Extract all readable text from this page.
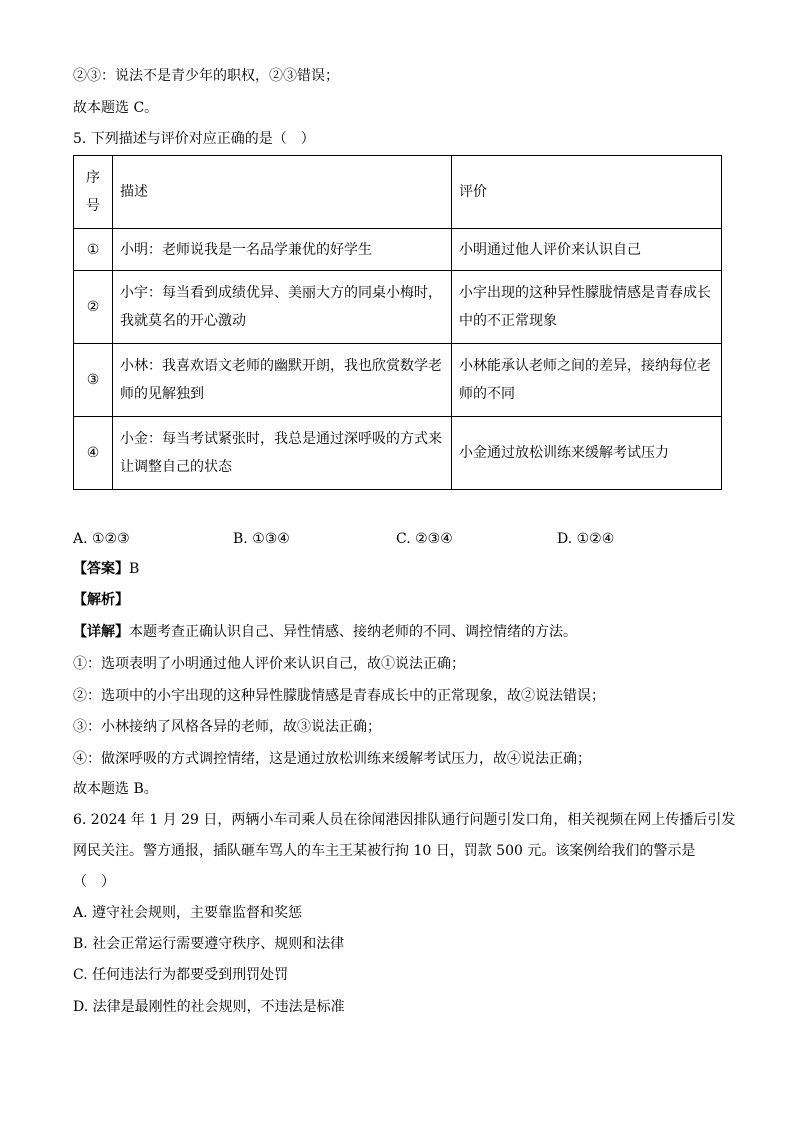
②③：说法不是青少年的职权，②③错误；
故本题选 C。
5. 下列描述与评价对应正确的是（　）
序号	描述	评价
①	小明：老师说我是一名品学兼优的好学生	小明通过他人评价来认识自己
②	小宇：每当看到成绩优异、美丽大方的同桌小梅时，我就莫名的开心激动	小宇出现的这种异性朦胧情感是青春成长中的不正常现象
③	小林：我喜欢语文老师的幽默开朗，我也欣赏数学老师的见解独到	小林能承认老师之间的差异，接纳每位老师的不同
④	小金：每当考试紧张时，我总是通过深呼吸的方式来让调整自己的状态	小金通过放松训练来缓解考试压力
A. ①②③	B. ①③④	C. ②③④	D. ①②④
【答案】B
【解析】
【详解】本题考查正确认识自己、异性情感、接纳老师的不同、调控情绪的方法。
①：选项表明了小明通过他人评价来认识自己，故①说法正确；
②：选项中的小宇出现的这种异性朦胧情感是青春成长中的正常现象，故②说法错误；
③：小林接纳了风格各异的老师，故③说法正确；
④：做深呼吸的方式调控情绪，这是通过放松训练来缓解考试压力，故④说法正确；
故本题选 B。
6. 2024 年 1 月 29 日，两辆小车司乘人员在徐闻港因排队通行问题引发口角，相关视频在网上传播后引发
网民关注。警方通报，插队砸车骂人的车主王某被行拘 10 日，罚款 500 元。该案例给我们的警示是
（　）
A. 遵守社会规则，主要靠监督和奖惩
B. 社会正常运行需要遵守秩序、规则和法律
C. 任何违法行为都要受到刑罚处罚
D. 法律是最刚性的社会规则，不违法是标准
